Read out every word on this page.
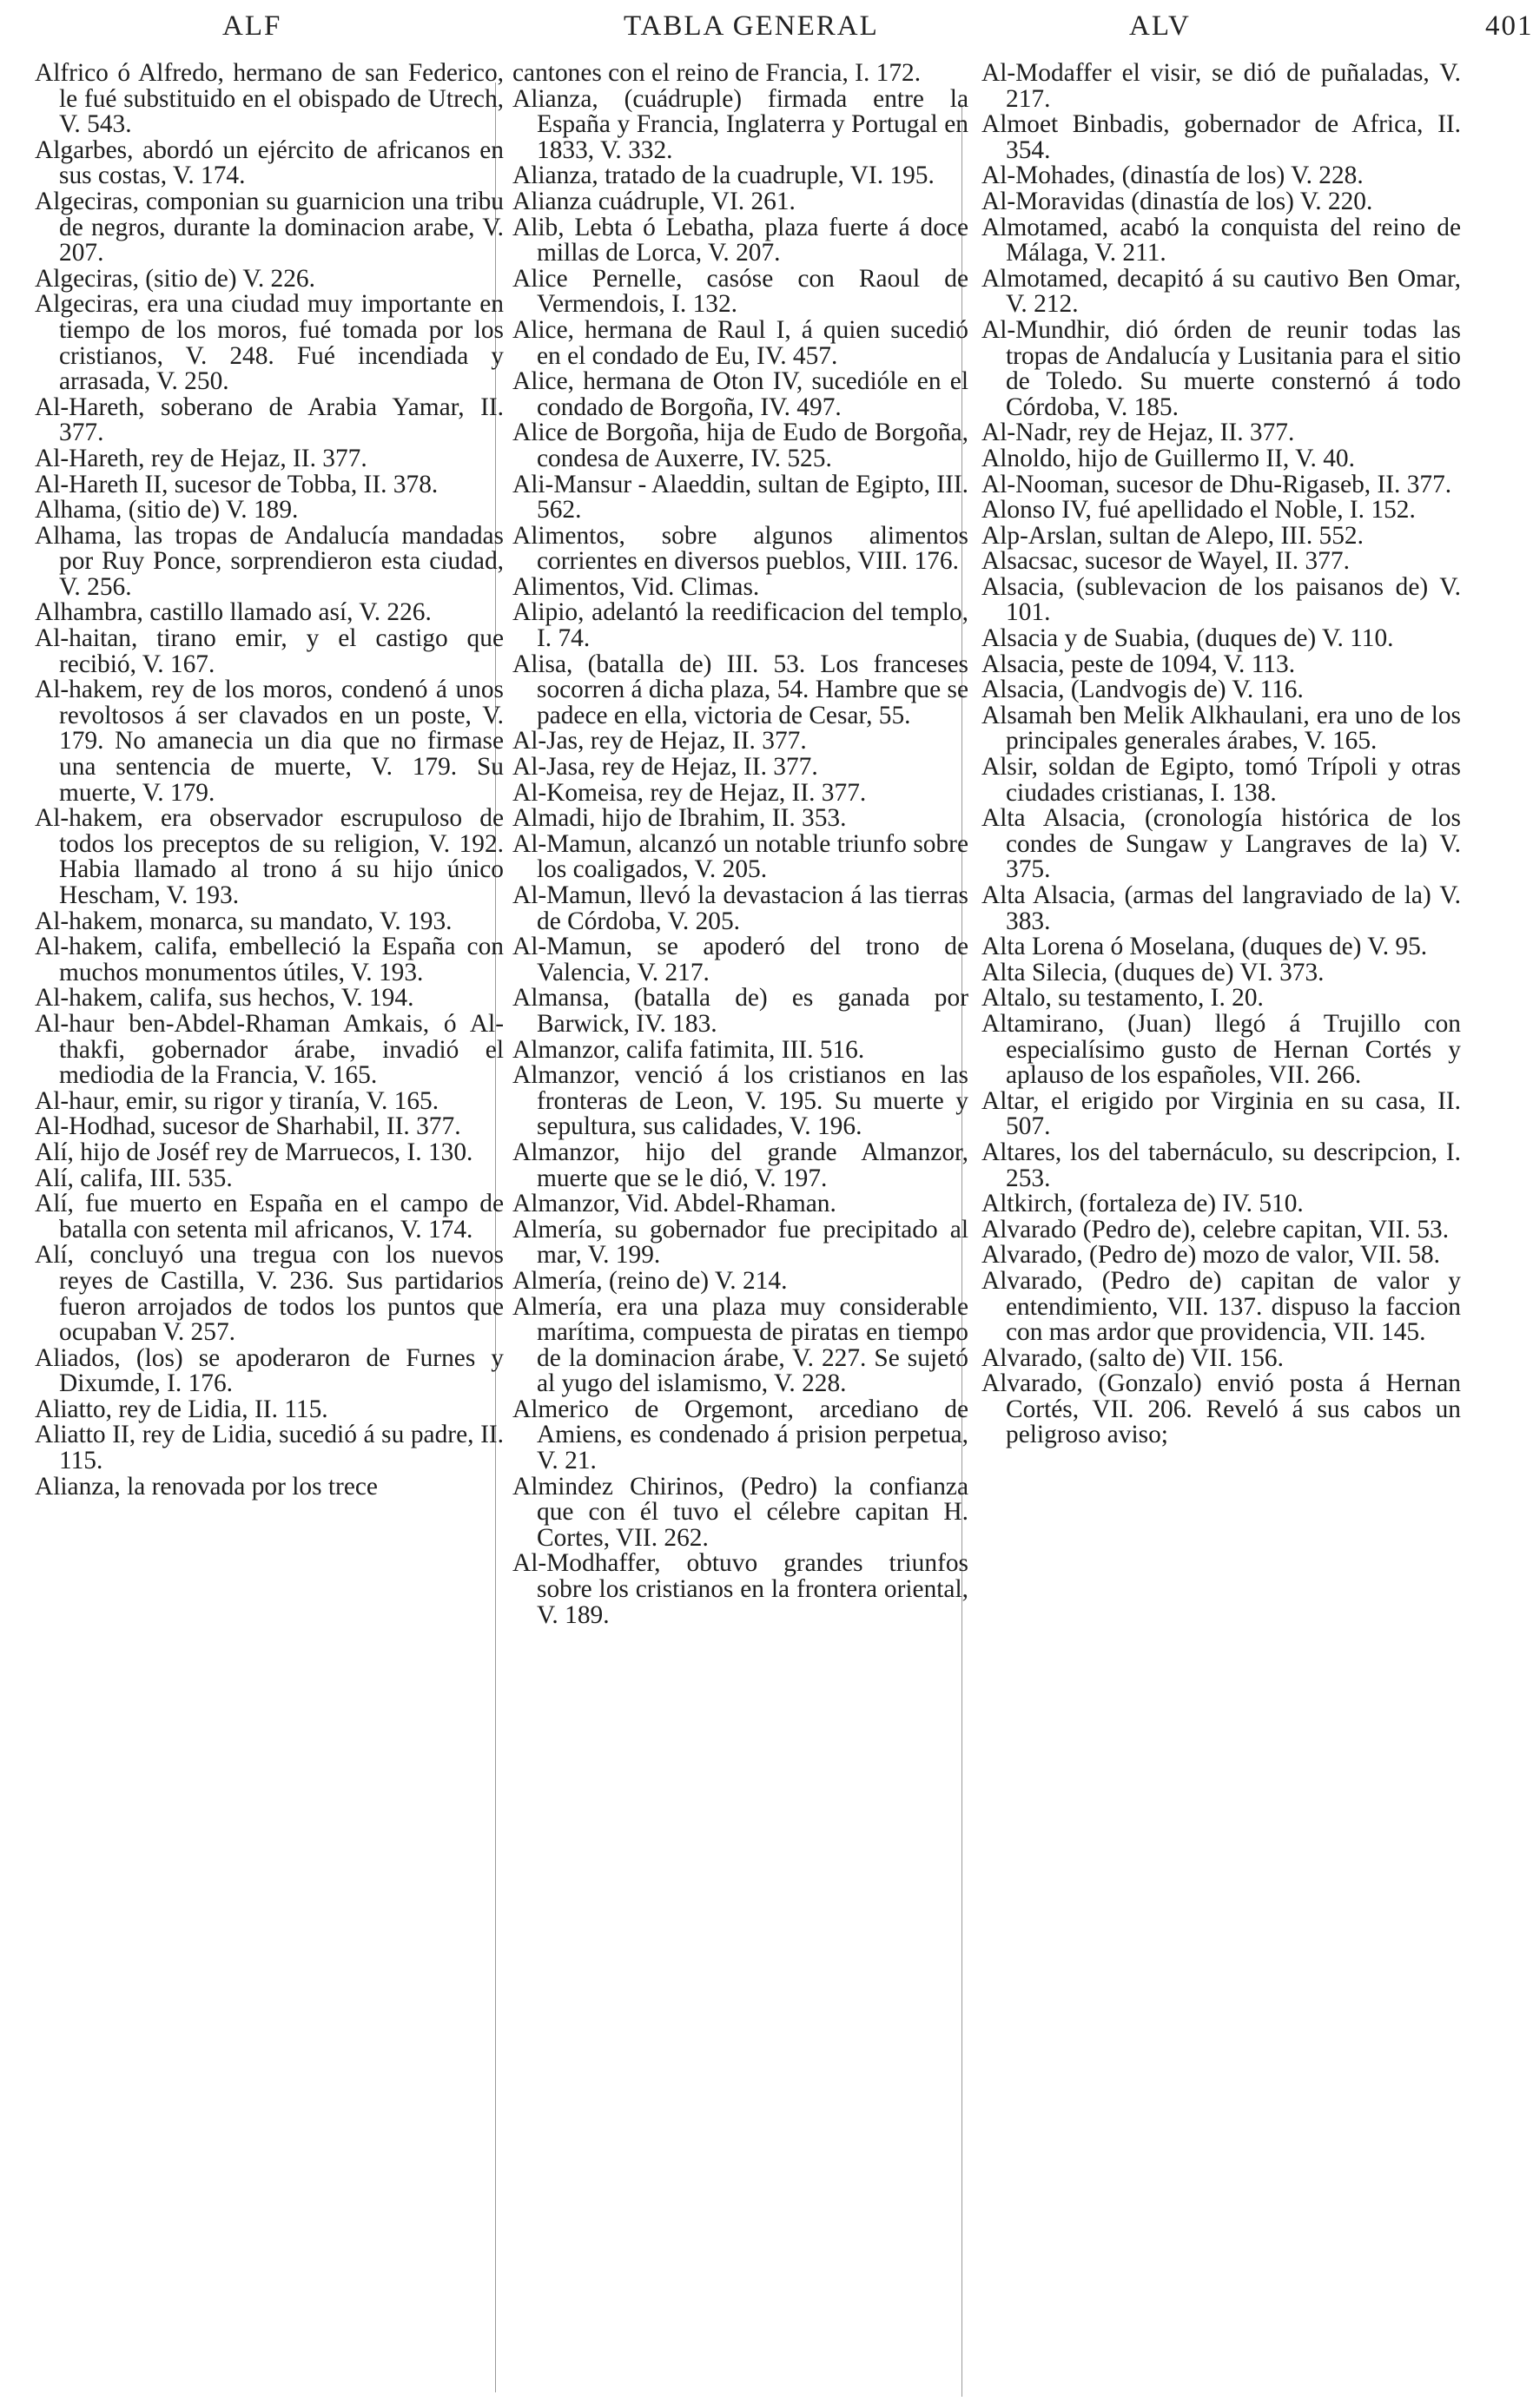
ALF	TABLA GENERAL	ALV	401

Alfrico ó Alfredo, hermano de san Federico, le fué substituido en el obispado de Utrech, V. 543.

Algarbes, abordó un ejército de africanos en sus costas, V. 174.

Algeciras, componian su guarnicion una tribu de negros, durante la dominacion arabe, V. 207.

Algeciras, (sitio de) V. 226.

Algeciras, era una ciudad muy importante en tiempo de los moros, fué tomada por los cristianos, V. 248. Fué incendiada y arrasada, V. 250.

Al-Hareth, soberano de Arabia Yamar, II. 377.

Al-Hareth, rey de Hejaz, II. 377.

Al-Hareth II, sucesor de Tobba, II. 378.

Alhama, (sitio de) V. 189.

Alhama, las tropas de Andalucía mandadas por Ruy Ponce, sorprendieron esta ciudad, V. 256.

Alhambra, castillo llamado así, V. 226.

Al-haitan, tirano emir, y el castigo que recibió, V. 167.

Al-hakem, rey de los moros, condenó á unos revoltosos á ser clavados en un poste, V. 179. No amanecia un dia que no firmase una sentencia de muerte, V. 179. Su muerte, V. 179.

Al-hakem, era observador escrupuloso de todos los preceptos de su religion, V. 192. Habia llamado al trono á su hijo único Hescham, V. 193.

Al-hakem, monarca, su mandato, V. 193.

Al-hakem, califa, embelleció la España con muchos monumentos útiles, V. 193.

Al-hakem, califa, sus hechos, V. 194.

Al-haur ben-Abdel-Rhaman Amkais, ó Al-thakfi, gobernador árabe, invadió el mediodia de la Francia, V. 165.

Al-haur, emir, su rigor y tiranía, V. 165.

Al-Hodhad, sucesor de Sharhabil, II. 377.

Alí, hijo de Joséf rey de Marruecos, I. 130.

Alí, califa, III. 535.

Alí, fue muerto en España en el campo de batalla con setenta mil africanos, V. 174.

Alí, concluyó una tregua con los nuevos reyes de Castilla, V. 236. Sus partidarios fueron arrojados de todos los puntos que ocupaban V. 257.

Aliados, (los) se apoderaron de Furnes y Dixumde, I. 176.

Aliatto, rey de Lidia, II. 115.

Aliatto II, rey de Lidia, sucedió á su padre, II. 115.

Alianza, la renovada por los trece

cantones con el reino de Francia, I. 172.

Alianza, (cuádruple) firmada entre la España y Francia, Inglaterra y Portugal en 1833, V. 332.

Alianza, tratado de la cuadruple, VI. 195.

Alianza cuádruple, VI. 261.

Alib, Lebta ó Lebatha, plaza fuerte á doce millas de Lorca, V. 207.

Alice Pernelle, casóse con Raoul de Vermendois, I. 132.

Alice, hermana de Raul I, á quien sucedió en el condado de Eu, IV. 457.

Alice, hermana de Oton IV, sucedióle en el condado de Borgoña, IV. 497.

Alice de Borgoña, hija de Eudo de Borgoña, condesa de Auxerre, IV. 525.

Ali-Mansur - Alaeddin, sultan de Egipto, III. 562.

Alimentos, sobre algunos alimentos corrientes en diversos pueblos, VIII. 176.

Alimentos, Vid. Climas.

Alipio, adelantó la reedificacion del templo, I. 74.

Alisa, (batalla de) III. 53. Los franceses socorren á dicha plaza, 54. Hambre que se padece en ella, victoria de Cesar, 55.

Al-Jas, rey de Hejaz, II. 377.

Al-Jasa, rey de Hejaz, II. 377.

Al-Komeisa, rey de Hejaz, II. 377.

Almadi, hijo de Ibrahim, II. 353.

Al-Mamun, alcanzó un notable triunfo sobre los coaligados, V. 205.

Al-Mamun, llevó la devastacion á las tierras de Córdoba, V. 205.

Al-Mamun, se apoderó del trono de Valencia, V. 217.

Almansa, (batalla de) es ganada por Barwick, IV. 183.

Almanzor, califa fatimita, III. 516.

Almanzor, venció á los cristianos en las fronteras de Leon, V. 195. Su muerte y sepultura, sus calidades, V. 196.

Almanzor, hijo del grande Almanzor, muerte que se le dió, V. 197.

Almanzor, Vid. Abdel-Rhaman.

Almería, su gobernador fue precipitado al mar, V. 199.

Almería, (reino de) V. 214.

Almería, era una plaza muy considerable marítima, compuesta de piratas en tiempo de la dominacion árabe, V. 227. Se sujetó al yugo del islamismo, V. 228.

Almerico de Orgemont, arcediano de Amiens, es condenado á prision perpetua, V. 21.

Almindez Chirinos, (Pedro) la confianza que con él tuvo el célebre capitan H. Cortes, VII. 262.

Al-Modhaffer, obtuvo grandes triunfos sobre los cristianos en la frontera oriental, V. 189.

Al-Modaffer el visir, se dió de puñaladas, V. 217.

Almoet Binbadis, gobernador de Africa, II. 354.

Al-Mohades, (dinastía de los) V. 228.

Al-Moravidas (dinastía de los) V. 220.

Almotamed, acabó la conquista del reino de Málaga, V. 211.

Almotamed, decapitó á su cautivo Ben Omar, V. 212.

Al-Mundhir, dió órden de reunir todas las tropas de Andalucía y Lusitania para el sitio de Toledo. Su muerte consternó á todo Córdoba, V. 185.

Al-Nadr, rey de Hejaz, II. 377.

Alnoldo, hijo de Guillermo II, V. 40.

Al-Nooman, sucesor de Dhu-Rigaseb, II. 377.

Alonso IV, fué apellidado el Noble, I. 152.

Alp-Arslan, sultan de Alepo, III. 552.

Alsacsac, sucesor de Wayel, II. 377.

Alsacia, (sublevacion de los paisanos de) V. 101.

Alsacia y de Suabia, (duques de) V. 110.

Alsacia, peste de 1094, V. 113.

Alsacia, (Landvogis de) V. 116.

Alsamah ben Melik Alkhaulani, era uno de los principales generales árabes, V. 165.

Alsir, soldan de Egipto, tomó Trípoli y otras ciudades cristianas, I. 138.

Alta Alsacia, (cronología histórica de los condes de Sungaw y Langraves de la) V. 375.

Alta Alsacia, (armas del langraviado de la) V. 383.

Alta Lorena ó Moselana, (duques de) V. 95.

Alta Silecia, (duques de) VI. 373.

Altalo, su testamento, I. 20.

Altamirano, (Juan) llegó á Trujillo con especialísimo gusto de Hernan Cortés y aplauso de los españoles, VII. 266.

Altar, el erigido por Virginia en su casa, II. 507.

Altares, los del tabernáculo, su descripcion, I. 253.

Altkirch, (fortaleza de) IV. 510.

Alvarado (Pedro de), celebre capitan, VII. 53.

Alvarado, (Pedro de) mozo de valor, VII. 58.

Alvarado, (Pedro de) capitan de valor y entendimiento, VII. 137. dispuso la faccion con mas ardor que providencia, VII. 145.

Alvarado, (salto de) VII. 156.

Alvarado, (Gonzalo) envió posta á Hernan Cortés, VII. 206. Reveló á sus cabos un peligroso aviso;
